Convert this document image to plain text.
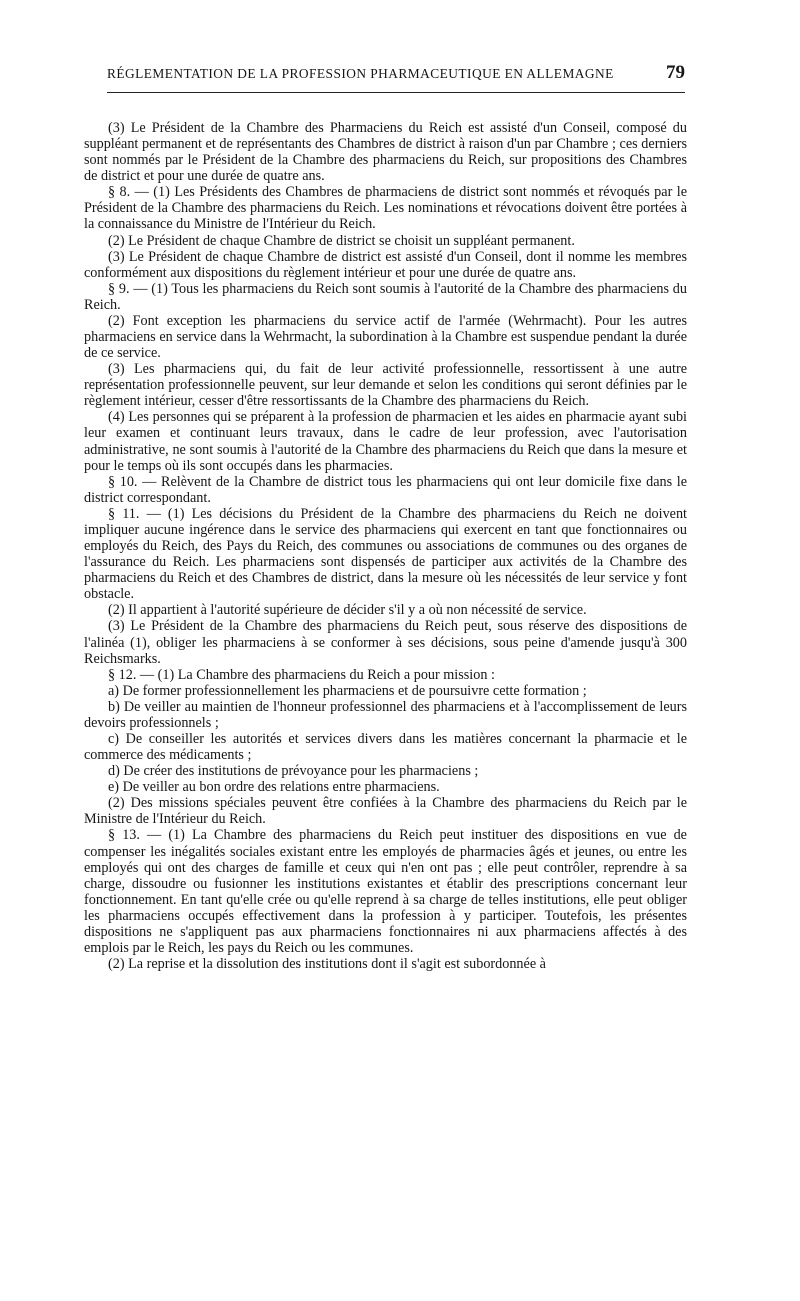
RÉGLEMENTATION DE LA PROFESSION PHARMACEUTIQUE EN ALLEMAGNE	79

(3) Le Président de la Chambre des Pharmaciens du Reich est assisté d'un Conseil, composé du suppléant permanent et de représentants des Chambres de district à raison d'un par Chambre ; ces derniers sont nommés par le Président de la Chambre des pharmaciens du Reich, sur propositions des Chambres de district et pour une durée de quatre ans.

§ 8. — (1) Les Présidents des Chambres de pharmaciens de district sont nommés et révoqués par le Président de la Chambre des pharmaciens du Reich. Les nominations et révocations doivent être portées à la connaissance du Ministre de l'Intérieur du Reich.

(2) Le Président de chaque Chambre de district se choisit un suppléant permanent.

(3) Le Président de chaque Chambre de district est assisté d'un Conseil, dont il nomme les membres conformément aux dispositions du règlement intérieur et pour une durée de quatre ans.

§ 9. — (1) Tous les pharmaciens du Reich sont soumis à l'autorité de la Chambre des pharmaciens du Reich.

(2) Font exception les pharmaciens du service actif de l'armée (Wehrmacht). Pour les autres pharmaciens en service dans la Wehrmacht, la subordination à la Chambre est suspendue pendant la durée de ce service.

(3) Les pharmaciens qui, du fait de leur activité professionnelle, ressortissent à une autre représentation professionnelle peuvent, sur leur demande et selon les conditions qui seront définies par le règlement intérieur, cesser d'être ressortissants de la Chambre des pharmaciens du Reich.

(4) Les personnes qui se préparent à la profession de pharmacien et les aides en pharmacie ayant subi leur examen et continuant leurs travaux, dans le cadre de leur profession, avec l'autorisation administrative, ne sont soumis à l'autorité de la Chambre des pharmaciens du Reich que dans la mesure et pour le temps où ils sont occupés dans les pharmacies.

§ 10. — Relèvent de la Chambre de district tous les pharmaciens qui ont leur domicile fixe dans le district correspondant.

§ 11. — (1) Les décisions du Président de la Chambre des pharmaciens du Reich ne doivent impliquer aucune ingérence dans le service des pharmaciens qui exercent en tant que fonctionnaires ou employés du Reich, des Pays du Reich, des communes ou associations de communes ou des organes de l'assurance du Reich. Les pharmaciens sont dispensés de participer aux activités de la Chambre des pharmaciens du Reich et des Chambres de district, dans la mesure où les nécessités de leur service y font obstacle.

(2) Il appartient à l'autorité supérieure de décider s'il y a où non nécessité de service.

(3) Le Président de la Chambre des pharmaciens du Reich peut, sous réserve des dispositions de l'alinéa (1), obliger les pharmaciens à se conformer à ses décisions, sous peine d'amende jusqu'à 300 Reichsmarks.

§ 12. — (1) La Chambre des pharmaciens du Reich a pour mission :

a) De former professionnellement les pharmaciens et de poursuivre cette formation ;

b) De veiller au maintien de l'honneur professionnel des pharmaciens et à l'accomplissement de leurs devoirs professionnels ;

c) De conseiller les autorités et services divers dans les matières concernant la pharmacie et le commerce des médicaments ;

d) De créer des institutions de prévoyance pour les pharmaciens ;

e) De veiller au bon ordre des relations entre pharmaciens.

(2) Des missions spéciales peuvent être confiées à la Chambre des pharmaciens du Reich par le Ministre de l'Intérieur du Reich.

§ 13. — (1) La Chambre des pharmaciens du Reich peut instituer des dispositions en vue de compenser les inégalités sociales existant entre les employés de pharmacies âgés et jeunes, ou entre les employés qui ont des charges de famille et ceux qui n'en ont pas ; elle peut contrôler, reprendre à sa charge, dissoudre ou fusionner les institutions existantes et établir des prescriptions concernant leur fonctionnement. En tant qu'elle crée ou qu'elle reprend à sa charge de telles institutions, elle peut obliger les pharmaciens occupés effectivement dans la profession à y participer. Toutefois, les présentes dispositions ne s'appliquent pas aux pharmaciens fonctionnaires ni aux pharmaciens affectés à des emplois par le Reich, les pays du Reich ou les communes.

(2) La reprise et la dissolution des institutions dont il s'agit est subordonnée à
